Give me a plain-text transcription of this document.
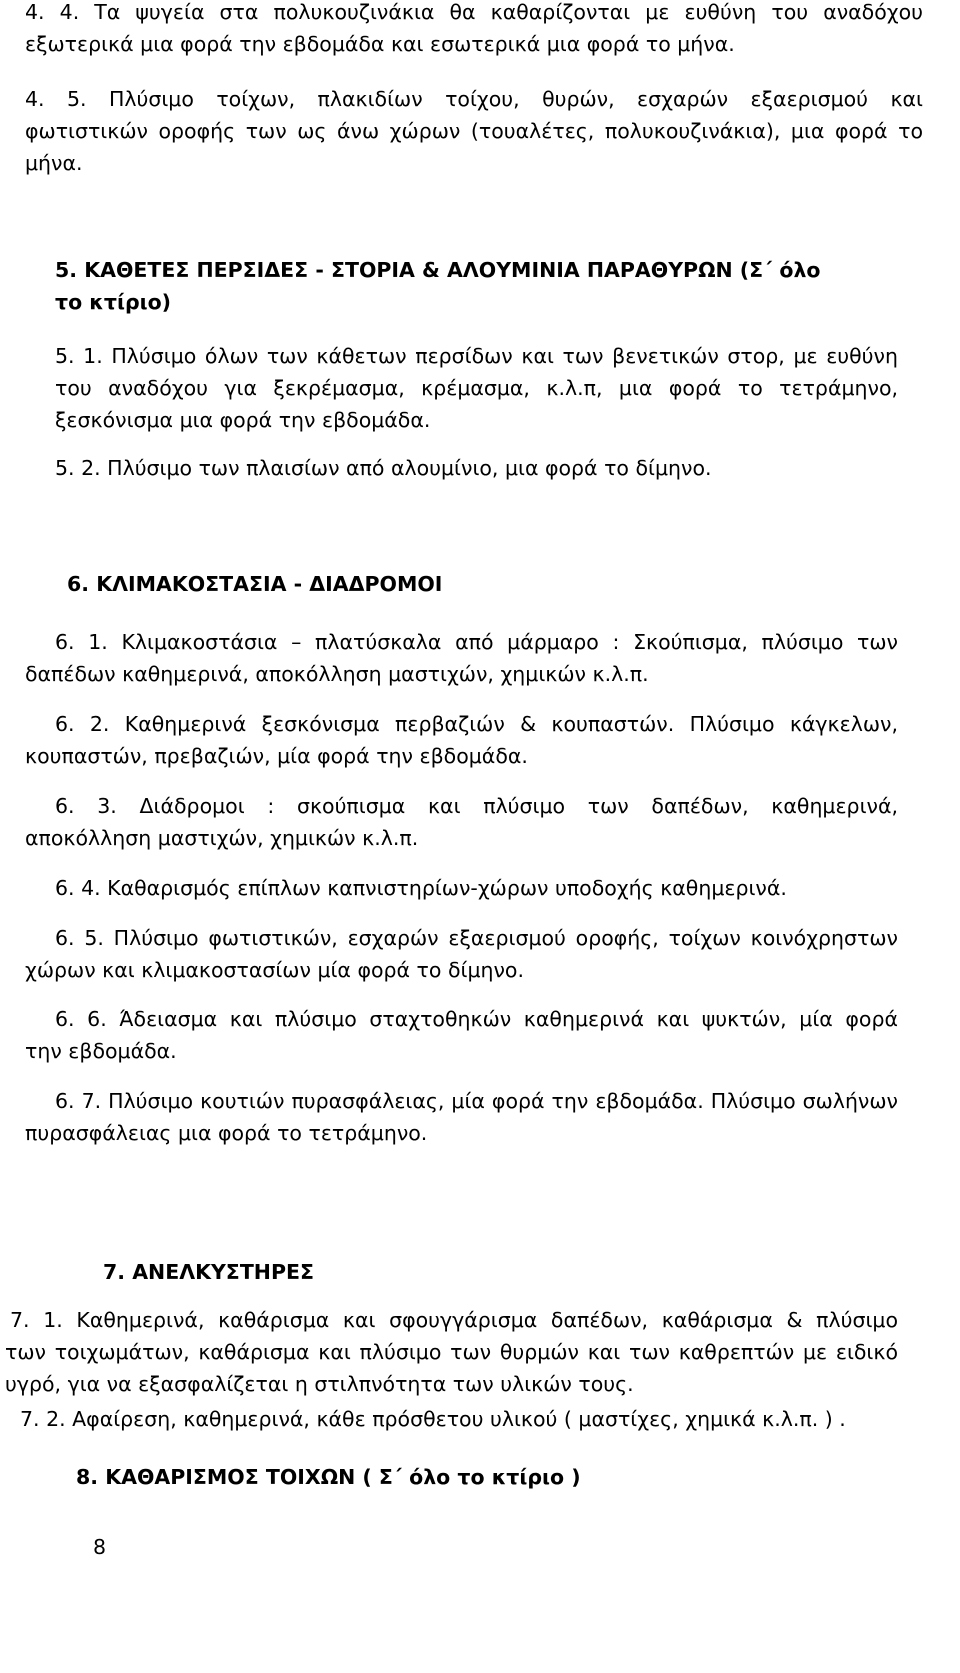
4. 4. Τα ψυγεία στα πολυκουζινάκια θα καθαρίζονται με ευθύνη του αναδόχου
εξωτερικά μια φορά την εβδομάδα και εσωτερικά μια φορά το μήνα.

4. 5. Πλύσιμο τοίχων, πλακιδίων τοίχου, θυρών, εσχαρών εξαερισμού και
φωτιστικών οροφής των ως άνω χώρων (τουαλέτες, πολυκουζινάκια), μια φορά το
μήνα.

5. ΚΑΘΕΤΕΣ ΠΕΡΣΙΔΕΣ - ΣΤΟΡΙΑ & ΑΛΟΥΜΙΝΙΑ ΠΑΡΑΘΥΡΩΝ (Σ΄ όλο

το κτίριο)

5. 1. Πλύσιμο όλων των κάθετων περσίδων και των βενετικών στορ, με ευθύνη
του αναδόχου για ξεκρέμασμα, κρέμασμα, κ.λ.π, μια φορά το τετράμηνο,
ξεσκόνισμα μια φορά την εβδομάδα.

5. 2. Πλύσιμο των πλαισίων από αλουμίνιο, μια φορά το δίμηνο.

6. ΚΛΙΜΑΚΟΣΤΑΣΙΑ - ΔΙΑΔΡΟΜΟΙ

6. 1. Κλιμακοστάσια – πλατύσκαλα από μάρμαρο : Σκούπισμα, πλύσιμο των
δαπέδων καθημερινά, αποκόλληση μαστιχών, χημικών κ.λ.π.

6. 2. Καθημερινά ξεσκόνισμα περβαζιών & κουπαστών. Πλύσιμο κάγκελων,
κουπαστών, πρεβαζιών, μία φορά την εβδομάδα.

6. 3. Διάδρομοι : σκούπισμα και πλύσιμο των δαπέδων, καθημερινά,
αποκόλληση μαστιχών, χημικών κ.λ.π.

6. 4. Καθαρισμός επίπλων καπνιστηρίων-χώρων υποδοχής καθημερινά.

6. 5. Πλύσιμο φωτιστικών, εσχαρών εξαερισμού οροφής, τοίχων κοινόχρηστων
χώρων και κλιμακοστασίων μία φορά το δίμηνο.

6. 6. Άδειασμα και πλύσιμο σταχτοθηκών καθημερινά και ψυκτών, μία φορά
την εβδομάδα.

6. 7. Πλύσιμο κουτιών πυρασφάλειας, μία φορά την εβδομάδα. Πλύσιμο σωλήνων
πυρασφάλειας μια φορά το τετράμηνο.

7. ΑΝΕΛΚΥΣΤΗΡΕΣ

7. 1. Καθημερινά, καθάρισμα και σφουγγάρισμα δαπέδων, καθάρισμα & πλύσιμο
των τοιχωμάτων, καθάρισμα και πλύσιμο των θυρμών και των καθρεπτών με ειδικό
υγρό, για να εξασφαλίζεται η στιλπνότητα των υλικών τους.

7. 2. Αφαίρεση, καθημερινά, κάθε πρόσθετου υλικού ( μαστίχες, χημικά κ.λ.π. ) .

8. ΚΑΘΑΡΙΣΜΟΣ ΤΟΙΧΩΝ ( Σ΄ όλο το κτίριο )

8
